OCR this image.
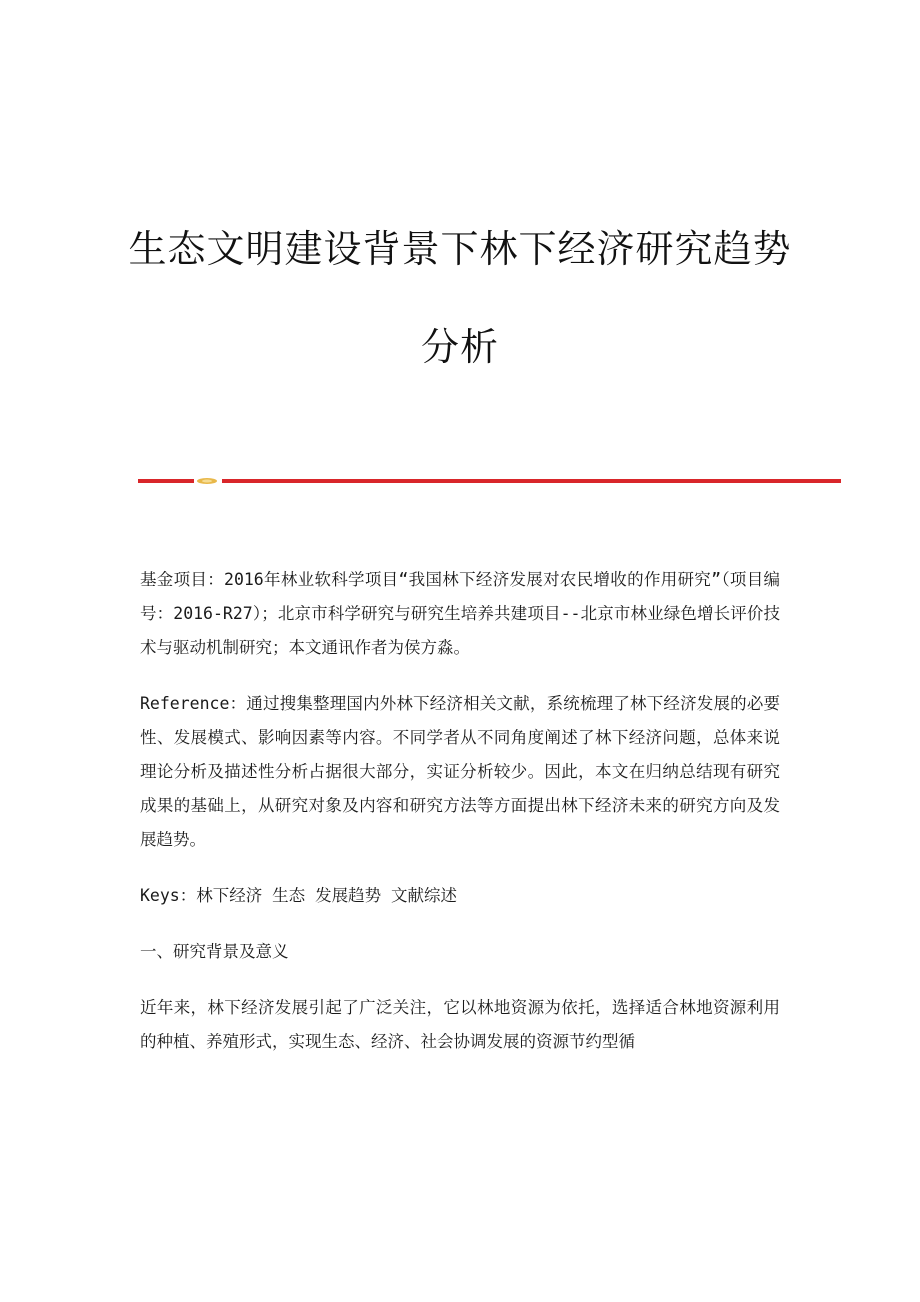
生态文明建设背景下林下经济研究趋势
分析

基金项目：2016年林业软科学项目“我国林下经济发展对农民增收的作用研究”（项目编号：2016-R27）；北京市科学研究与研究生培养共建项目--北京市林业绿色增长评价技术与驱动机制研究；本文通讯作者为侯方淼。

Reference：通过搜集整理国内外林下经济相关文献，系统梳理了林下经济发展的必要性、发展模式、影响因素等内容。不同学者从不同角度阐述了林下经济问题，总体来说理论分析及描述性分析占据很大部分，实证分析较少。因此，本文在归纳总结现有研究成果的基础上，从研究对象及内容和研究方法等方面提出林下经济未来的研究方向及发展趋势。

Keys：林下经济 生态 发展趋势 文献综述

一、研究背景及意义

近年来，林下经济发展引起了广泛关注，它以林地资源为依托，选择适合林地资源利用的种植、养殖形式，实现生态、经济、社会协调发展的资源节约型循
